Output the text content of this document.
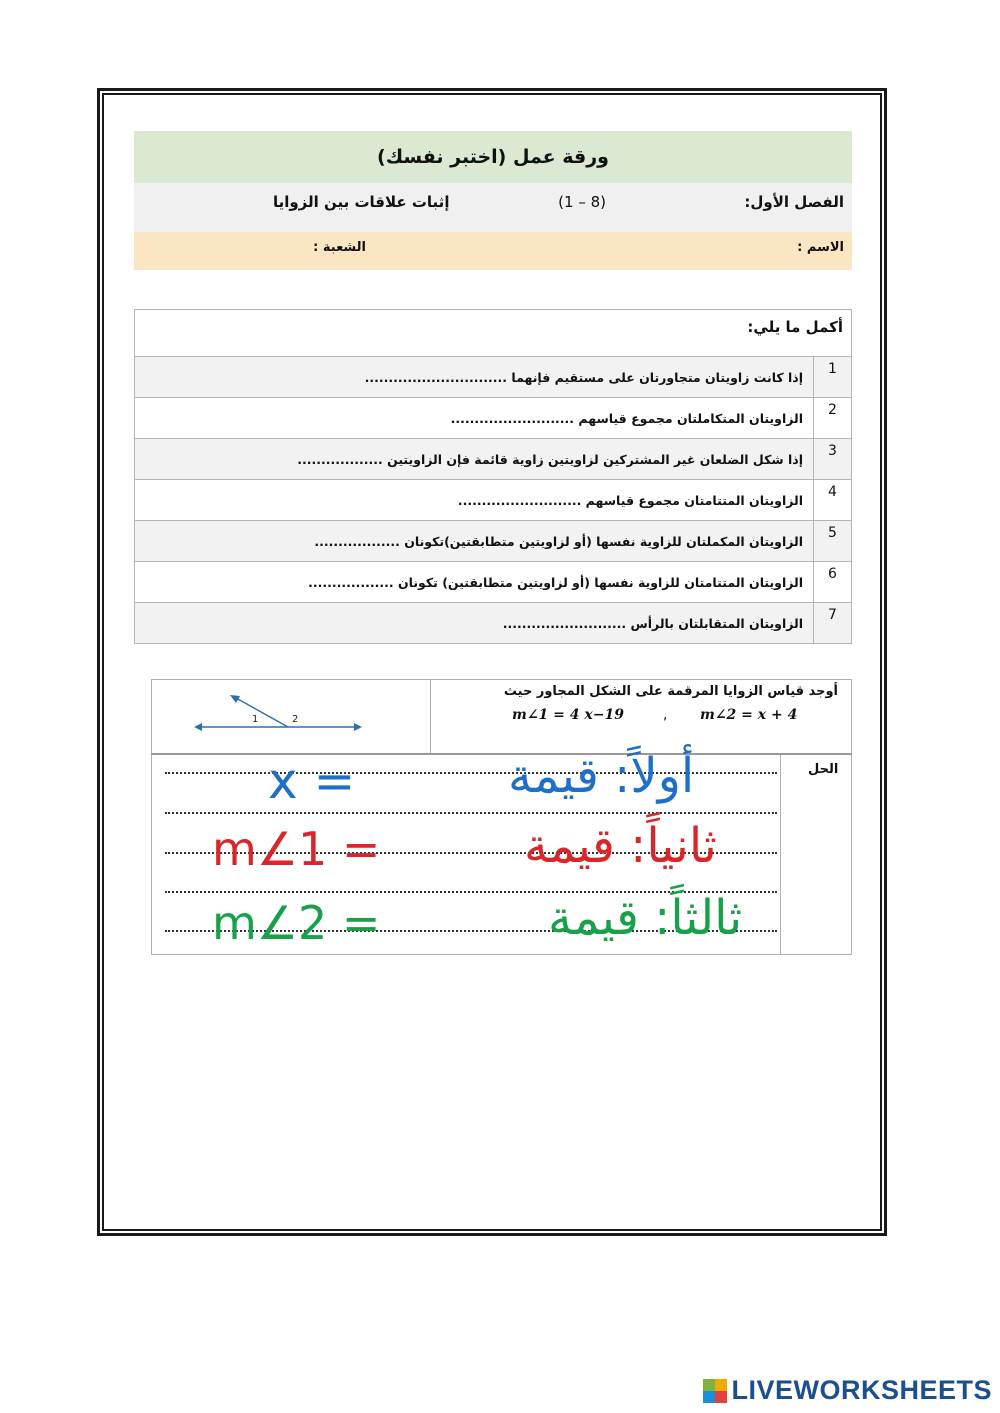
ورقة عمل (اختبر نفسك)
الفصل الأول:
(8 – 1)
إثبات علاقات بين الزوايا
الاسم :
الشعبة :
أكمل ما يلي:	
1	إذا كانت زاويتان متجاورتان على مستقيم فإنهما ..............................
2	الزاويتان المتكاملتان مجموع قياسهم ..........................
3	إذا شكل الضلعان غير المشتركين لزاويتين زاوية قائمة فإن الزاويتين ..................
4	الزاويتان المتتامتان مجموع قياسهم ..........................
5	الزاويتان المكملتان للزاوية نفسها (أو لزاويتين متطابقتين)تكونان ..................
6	الزاويتان المتتامتان للزاوية نفسها (أو لزاويتين متطابقتين) تكونان ..................
7	الزاويتان المتقابلتان بالرأس ..........................
أوجد قياس الزوايا المرقمة على الشكل المجاور حيث
m∠1 = 4 x−19	, m∠2 = x + 4
1	2
الحل
x =	أولاً: قيمة
m∠1 =	ثانياً: قيمة
m∠2 =	ثالثاً: قيمة
LIVEWORKSHEETS
